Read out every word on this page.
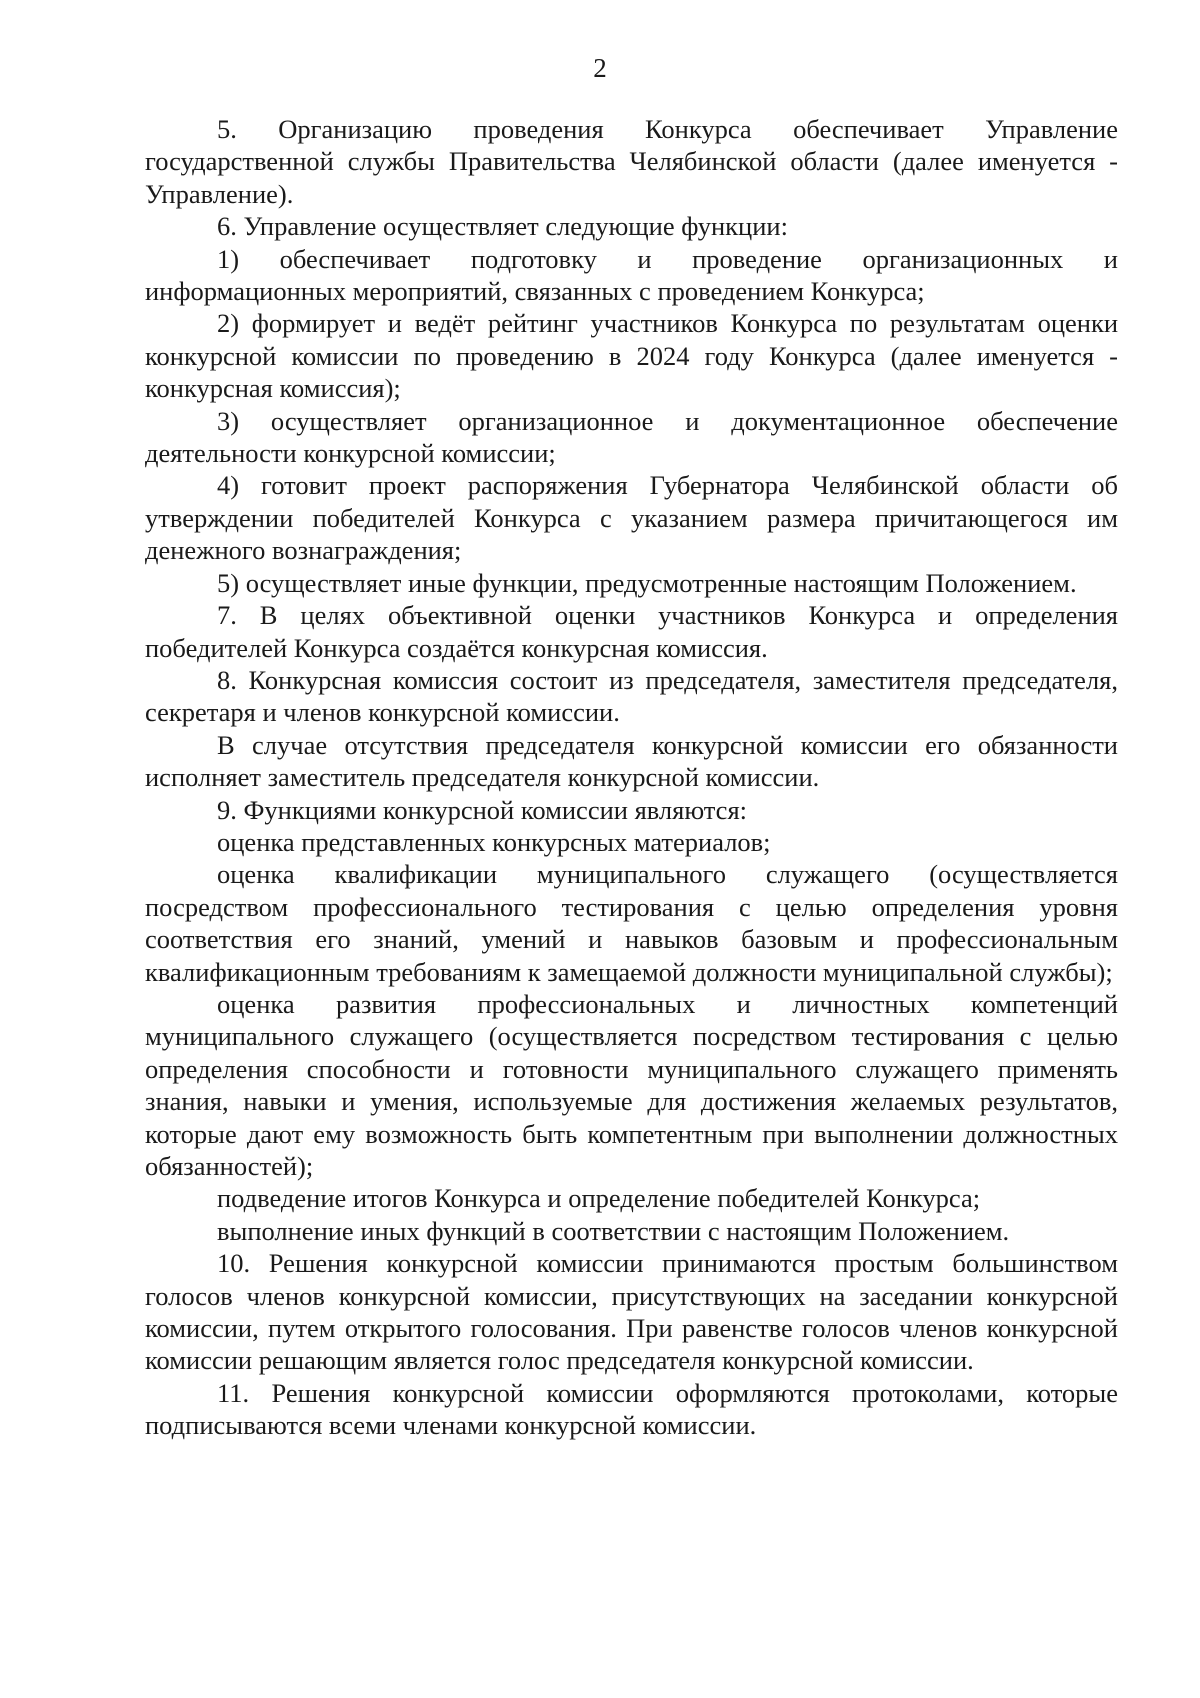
2

5. Организацию проведения Конкурса обеспечивает Управление государственной службы Правительства Челябинской области (далее именуется - Управление).

6. Управление осуществляет следующие функции:

1) обеспечивает подготовку и проведение организационных и информационных мероприятий, связанных с проведением Конкурса;

2) формирует и ведёт рейтинг участников Конкурса по результатам оценки конкурсной комиссии по проведению в 2024 году Конкурса (далее именуется - конкурсная комиссия);

3) осуществляет организационное и документационное обеспечение деятельности конкурсной комиссии;

4) готовит проект распоряжения Губернатора Челябинской области об утверждении победителей Конкурса с указанием размера причитающегося им денежного вознаграждения;

5) осуществляет иные функции, предусмотренные настоящим Положением.

7. В целях объективной оценки участников Конкурса и определения победителей Конкурса создаётся конкурсная комиссия.

8. Конкурсная комиссия состоит из председателя, заместителя председателя, секретаря и членов конкурсной комиссии.

В случае отсутствия председателя конкурсной комиссии его обязанности исполняет заместитель председателя конкурсной комиссии.

9. Функциями конкурсной комиссии являются:

оценка представленных конкурсных материалов;

оценка квалификации муниципального служащего (осуществляется посредством профессионального тестирования с целью определения уровня соответствия его знаний, умений и навыков базовым и профессиональным квалификационным требованиям к замещаемой должности муниципальной службы);

оценка развития профессиональных и личностных компетенций муниципального служащего (осуществляется посредством тестирования с целью определения способности и готовности муниципального служащего применять знания, навыки и умения, используемые для достижения желаемых результатов, которые дают ему возможность быть компетентным при выполнении должностных обязанностей);

подведение итогов Конкурса и определение победителей Конкурса;

выполнение иных функций в соответствии с настоящим Положением.

10. Решения конкурсной комиссии принимаются простым большинством голосов членов конкурсной комиссии, присутствующих на заседании конкурсной комиссии, путем открытого голосования. При равенстве голосов членов конкурсной комиссии решающим является голос председателя конкурсной комиссии.

11. Решения конкурсной комиссии оформляются протоколами, которые подписываются всеми членами конкурсной комиссии.
